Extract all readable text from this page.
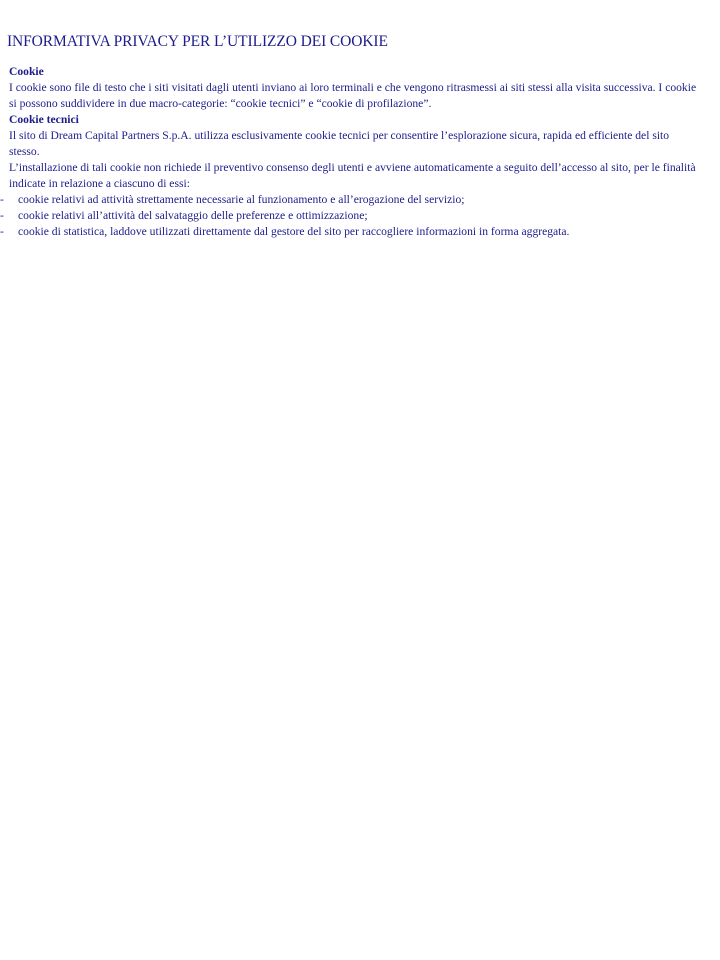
INFORMATIVA PRIVACY PER L’UTILIZZO DEI COOKIE

Cookie

I cookie sono file di testo che i siti visitati dagli utenti inviano ai loro terminali e che vengono ritrasmessi ai siti stessi alla visita successiva. I cookie si possono suddividere in due macro-categorie: “cookie tecnici” e “cookie di profilazione”.

Cookie tecnici

Il sito di Dream Capital Partners S.p.A. utilizza esclusivamente cookie tecnici per consentire l’esplorazione sicura, rapida ed efficiente del sito stesso.

L’installazione di tali cookie non richiede il preventivo consenso degli utenti e avviene automaticamente a seguito dell’accesso al sito, per le finalità indicate in relazione a ciascuno di essi:

-	cookie relativi ad attività strettamente necessarie al funzionamento e all’erogazione del servizio;
-	cookie relativi all’attività del salvataggio delle preferenze e ottimizzazione;
-	cookie di statistica, laddove utilizzati direttamente dal gestore del sito per raccogliere informazioni in forma aggregata.
